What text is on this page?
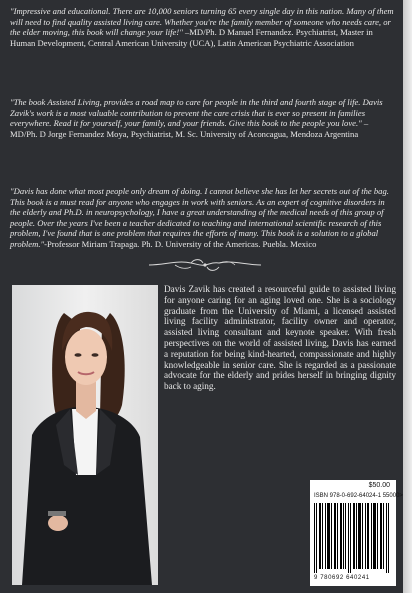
"Impressive and educational. There are 10,000 seniors turning 65 every single day in this nation. Many of them will need to find quality assisted living care. Whether you're the family member of someone who needs care, or the elder moving, this book will change your life!" –MD/Ph. D Manuel Fernandez. Psychiatrist, Master in Human Development, Central American University (UCA), Latin American Psychiatric Association

"The book Assisted Living, provides a road map to care for people in the third and fourth stage of life. Davis Zavik's work is a most valuable contribution to prevent the care crisis that is ever so present in families everywhere. Read it for yourself, your family, and your friends. Give this book to the people you love." –MD/Ph. D Jorge Fernandez Moya, Psychiatrist, M. Sc. University of Aconcagua, Mendoza Argentina

"Davis has done what most people only dream of doing. I cannot believe she has let her secrets out of the bag. This book is a must read for anyone who engages in work with seniors. As an expert of cognitive disorders in the elderly and Ph.D. in neuropsychology, I have a great understanding of the medical needs of this group of people. Over the years I've been a teacher dedicated to teaching and international scientific research of this problem, I've found that is one problem that requires the efforts of many. This book is a solution to a global problem."-Professor Miriam Trapaga. Ph. D. University of the Americas. Puebla. Mexico

Davis Zavik has created a resourceful guide to assisted living for anyone caring for an aging loved one. She is a sociology graduate from the University of Miami, a licensed assisted living facility administrator, facility owner and operator, assisted living consultant and keynote speaker. With fresh perspectives on the world of assisted living, Davis has earned a reputation for being kind-hearted, compassionate and highly knowledgeable in senior care. She is regarded as a passionate advocate for the elderly and prides herself in bringing dignity back to aging.

$50.00
ISBN 978-0-692-64024-1 55000>
9 780692 640241
